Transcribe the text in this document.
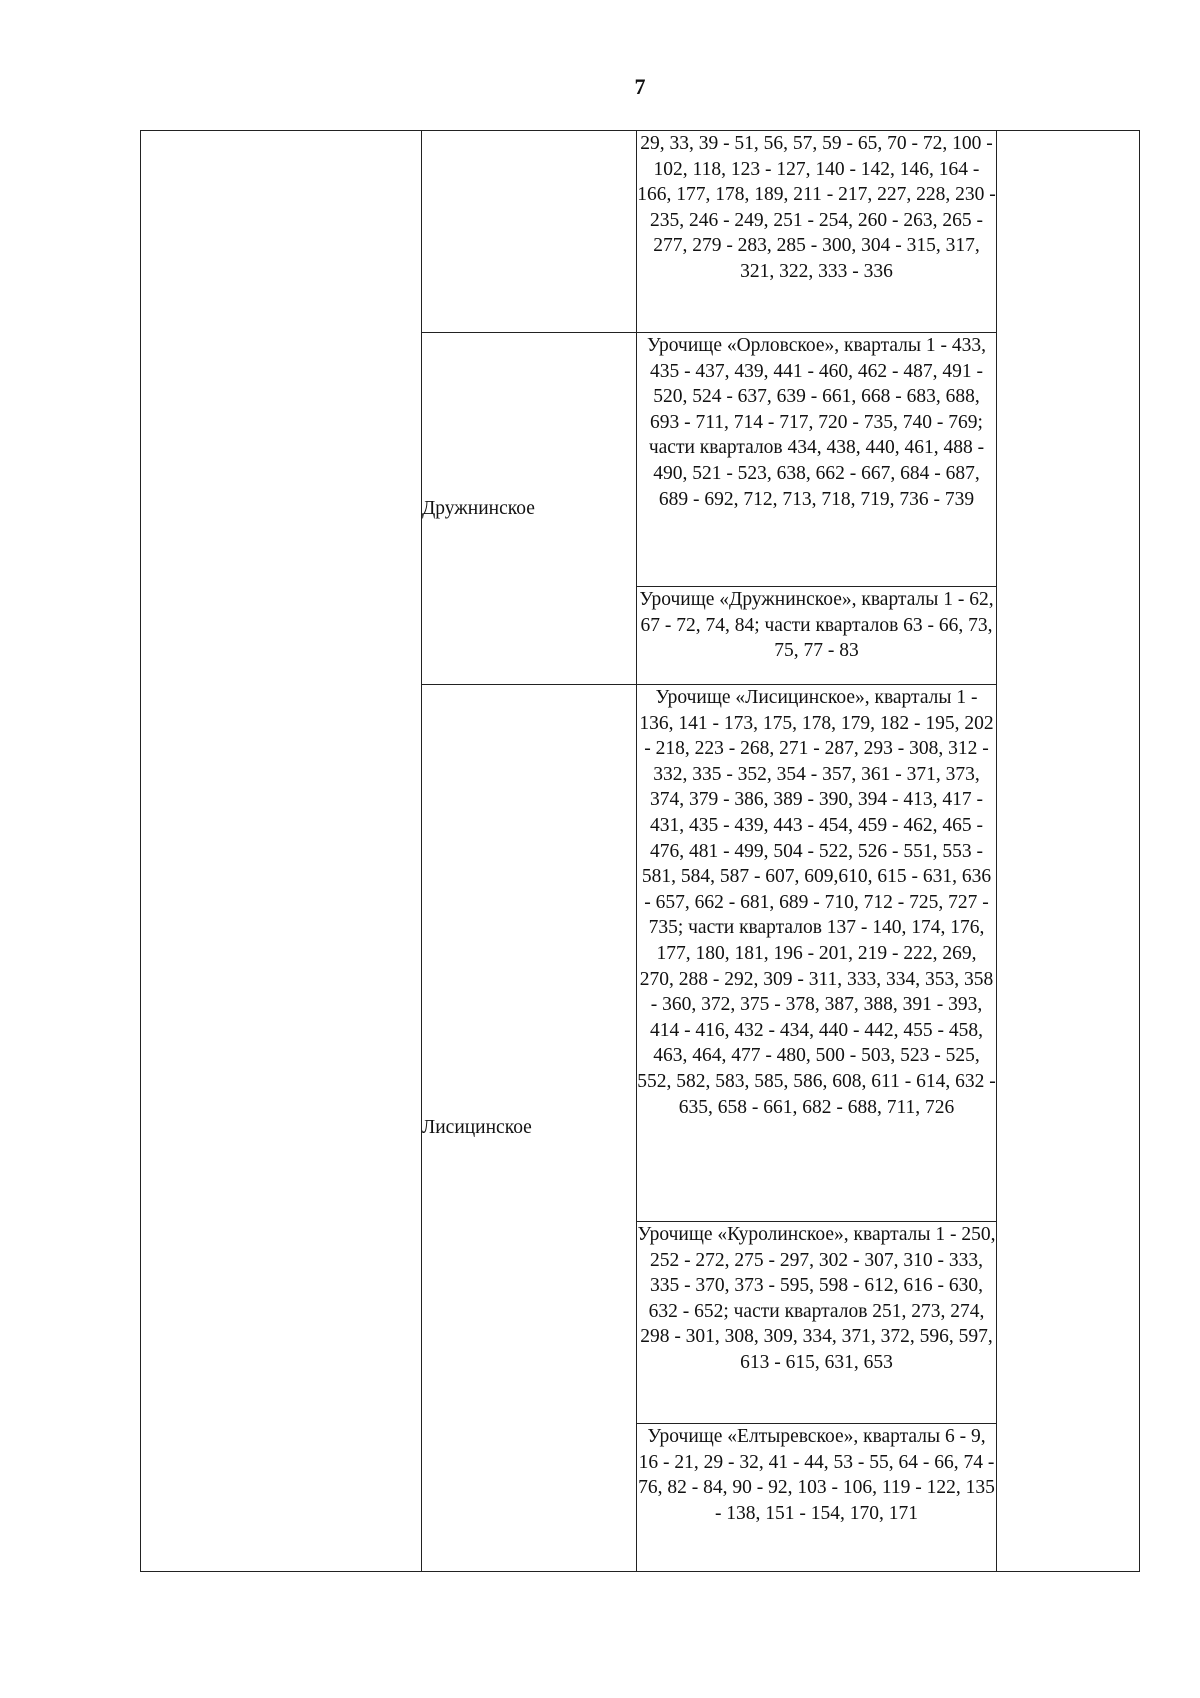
7
		29, 33, 39 - 51, 56, 57, 59 - 65, 70 - 72, 100 - 102, 118, 123 - 127, 140 - 142, 146, 164 - 166, 177, 178, 189, 211 - 217, 227, 228, 230 - 235, 246 - 249, 251 - 254, 260 - 263, 265 - 277, 279 - 283, 285 - 300, 304 - 315, 317, 321, 322, 333 - 336	
	Дружнинское	Урочище «Орловское», кварталы 1 - 433, 435 - 437, 439, 441 - 460, 462 - 487, 491 - 520, 524 - 637, 639 - 661, 668 - 683, 688, 693 - 711, 714 - 717, 720 - 735, 740 - 769; части кварталов 434, 438, 440, 461, 488 - 490, 521 - 523, 638, 662 - 667, 684 - 687, 689 - 692, 712, 713, 718, 719, 736 - 739	
		Урочище «Дружнинское», кварталы 1 - 62, 67 - 72, 74, 84; части кварталов 63 - 66, 73, 75, 77 - 83	
	Лисицинское	Урочище «Лисицинское», кварталы 1 - 136, 141 - 173, 175, 178, 179, 182 - 195, 202 - 218, 223 - 268, 271 - 287, 293 - 308, 312 - 332, 335 - 352, 354 - 357, 361 - 371, 373, 374, 379 - 386, 389 - 390, 394 - 413, 417 - 431, 435 - 439, 443 - 454, 459 - 462, 465 - 476, 481 - 499, 504 - 522, 526 - 551, 553 - 581, 584, 587 - 607, 609,610, 615 - 631, 636 - 657, 662 - 681, 689 - 710, 712 - 725, 727 - 735; части кварталов 137 - 140, 174, 176, 177, 180, 181, 196 - 201, 219 - 222, 269, 270, 288 - 292, 309 - 311, 333, 334, 353, 358 - 360, 372, 375 - 378, 387, 388, 391 - 393, 414 - 416, 432 - 434, 440 - 442, 455 - 458, 463, 464, 477 - 480, 500 - 503, 523 - 525, 552, 582, 583, 585, 586, 608, 611 - 614, 632 - 635, 658 - 661, 682 - 688, 711, 726	
		Урочище «Куролинское», кварталы 1 - 250, 252 - 272, 275 - 297, 302 - 307, 310 - 333, 335 - 370, 373 - 595, 598 - 612, 616 - 630, 632 - 652; части кварталов 251, 273, 274, 298 - 301, 308, 309, 334, 371, 372, 596, 597, 613 - 615, 631, 653	
		Урочище «Елтыревское», кварталы 6 - 9, 16 - 21, 29 - 32, 41 - 44, 53 - 55, 64 - 66, 74 - 76, 82 - 84, 90 - 92, 103 - 106, 119 - 122, 135 - 138, 151 - 154, 170, 171	
